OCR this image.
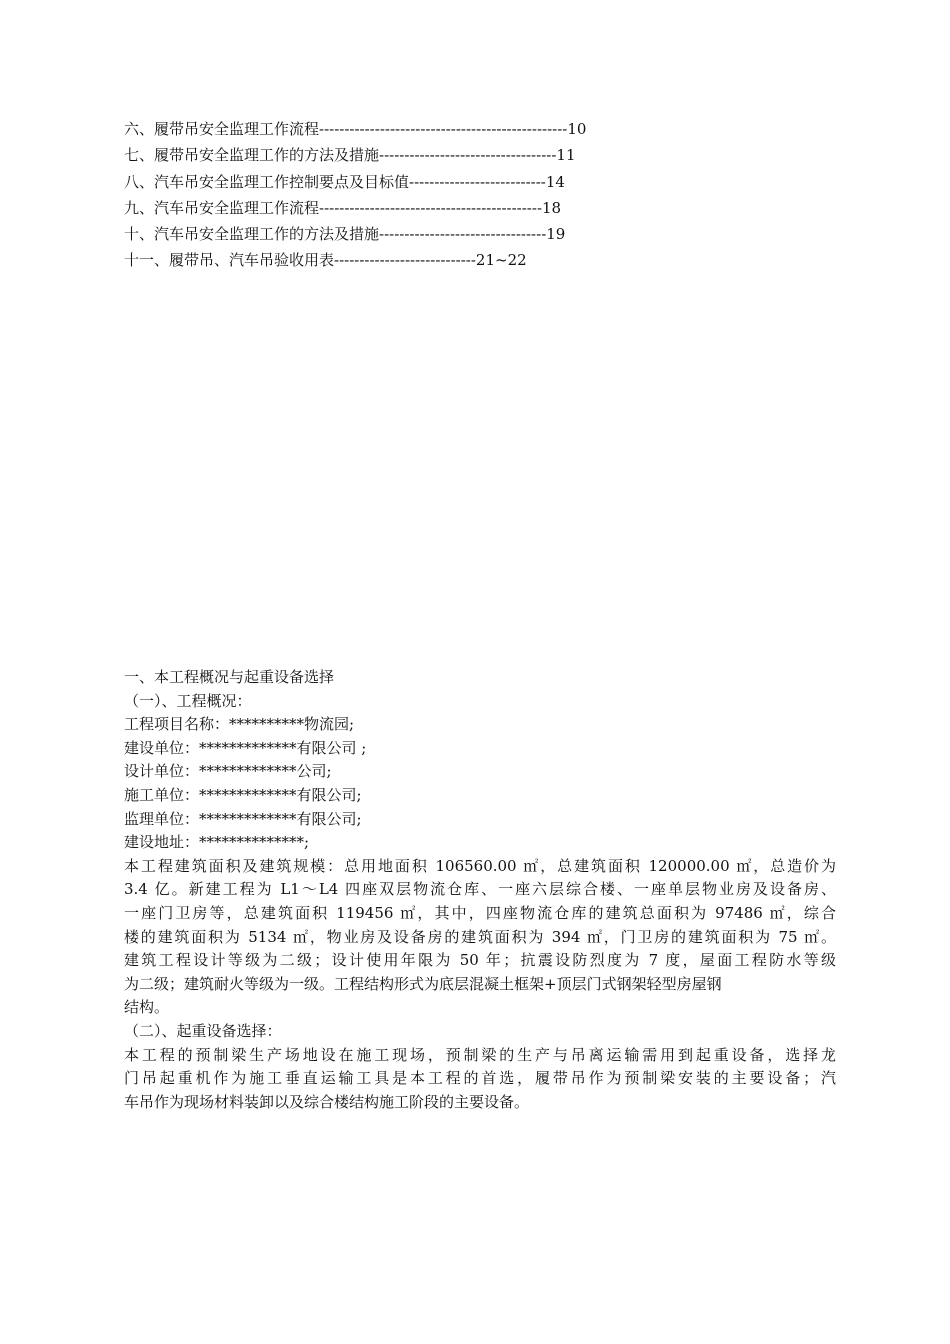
六、履带吊安全监理工作流程-------------------------------------------------10
七、履带吊安全监理工作的方法及措施-----------------------------------11
八、汽车吊安全监理工作控制要点及目标值---------------------------14
九、汽车吊安全监理工作流程--------------------------------------------18
十、汽车吊安全监理工作的方法及措施---------------------------------19
十一、履带吊、汽车吊验收用表----------------------------21~22
一、本工程概况与起重设备选择
（一）、工程概况：
工程项目名称：**********物流园;
建设单位：*************有限公司 ;
设计单位：*************公司;
施工单位：*************有限公司;
监理单位：*************有限公司;
建设地址：**************;
本工程建筑面积及建筑规模：总用地面积 106560.00 ㎡，总建筑面积 120000.00 ㎡，总造价为
3.4 亿。新建工程为 L1～L4 四座双层物流仓库、一座六层综合楼、一座单层物业房及设备房、
一座门卫房等，总建筑面积 119456 ㎡，其中，四座物流仓库的建筑总面积为 97486 ㎡，综合
楼的建筑面积为 5134 ㎡，物业房及设备房的建筑面积为 394 ㎡，门卫房的建筑面积为 75 ㎡。
建筑工程设计等级为二级；设计使用年限为 50 年；抗震设防烈度为 7 度，屋面工程防水等级
为二级；建筑耐火等级为一级。工程结构形式为底层混凝土框架+顶层门式钢架轻型房屋钢
结构。
（二）、起重设备选择：
本工程的预制梁生产场地设在施工现场，预制梁的生产与吊离运输需用到起重设备，选择龙
门吊起重机作为施工垂直运输工具是本工程的首选，履带吊作为预制梁安装的主要设备；汽
车吊作为现场材料装卸以及综合楼结构施工阶段的主要设备。
